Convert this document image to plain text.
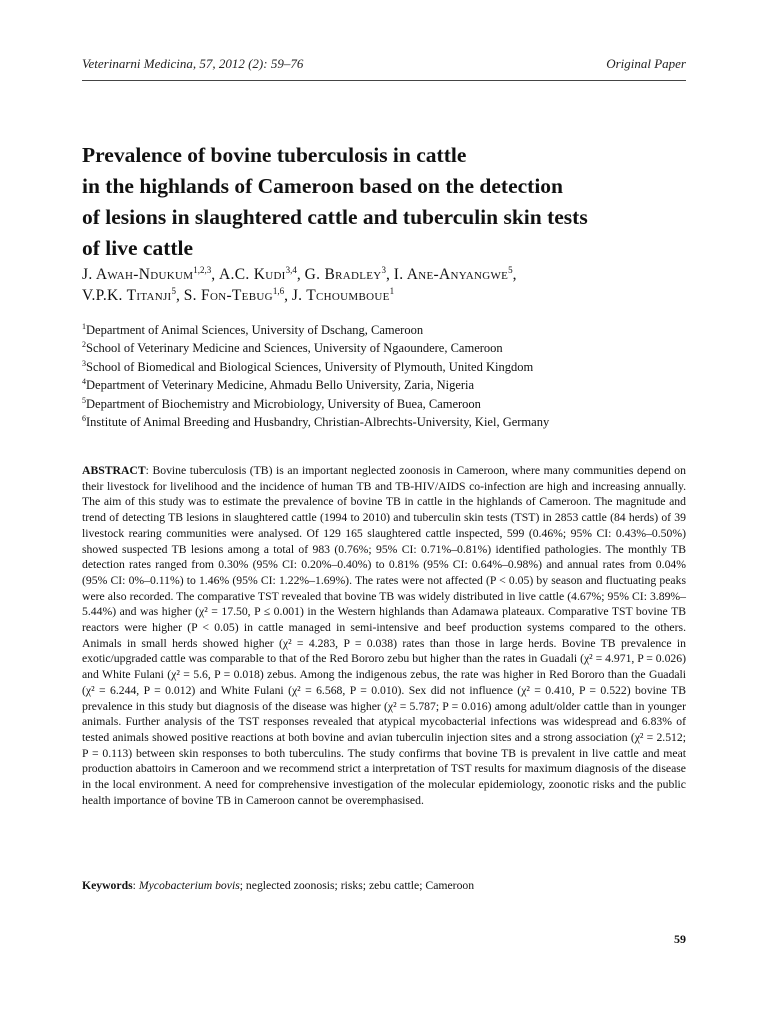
Veterinarni Medicina, 57, 2012 (2): 59–76	Original Paper
Prevalence of bovine tuberculosis in cattle
in the highlands of Cameroon based on the detection
of lesions in slaughtered cattle and tuberculin skin tests
of live cattle
J. Awah-Ndukum$^{1,2,3}$, A.C. Kudi$^{3,4}$, G. Bradley$^3$, I. Ane-Anyangwe$^5$,
V.P.K. Titanji$^5$, S. Fon-Tebug$^{1,6}$, J. Tchoumboue$^1$
$^1$Department of Animal Sciences, University of Dschang, Cameroon
$^2$School of Veterinary Medicine and Sciences, University of Ngaoundere, Cameroon
$^3$School of Biomedical and Biological Sciences, University of Plymouth, United Kingdom
$^4$Department of Veterinary Medicine, Ahmadu Bello University, Zaria, Nigeria
$^5$Department of Biochemistry and Microbiology, University of Buea, Cameroon
$^6$Institute of Animal Breeding and Husbandry, Christian-Albrechts-University, Kiel, Germany

ABSTRACT: Bovine tuberculosis (TB) is an important neglected zoonosis in Cameroon, where many communities depend on their livestock for livelihood and the incidence of human TB and TB-HIV/AIDS co-infection are high and increasing annually. The aim of this study was to estimate the prevalence of bovine TB in cattle in the highlands of Cameroon. The magnitude and trend of detecting TB lesions in slaughtered cattle (1994 to 2010) and tuberculin skin tests (TST) in 2853 cattle (84 herds) of 39 livestock rearing communities were analysed. Of 129 165 slaughtered cattle inspected, 599 (0.46%; 95% CI: 0.43%–0.50%) showed suspected TB lesions among a total of 983 (0.76%; 95% CI: 0.71%–0.81%) identified pathologies. The monthly TB detection rates ranged from 0.30% (95% CI: 0.20%–0.40%) to 0.81% (95% CI: 0.64%–0.98%) and annual rates from 0.04% (95% CI: 0%–0.11%) to 1.46% (95% CI: 1.22%–1.69%). The rates were not affected (P < 0.05) by season and fluctuating peaks were also recorded. The comparative TST revealed that bovine TB was widely distributed in live cattle (4.67%; 95% CI: 3.89%–5.44%) and was higher (χ² = 17.50, P ≤ 0.001) in the Western highlands than Adamawa plateaux. Comparative TST bovine TB reactors were higher (P < 0.05) in cattle managed in semi-intensive and beef production systems compared to the others. Animals in small herds showed higher (χ² = 4.283, P = 0.038) rates than those in large herds. Bovine TB prevalence in exotic/upgraded cattle was comparable to that of the Red Bororo zebu but higher than the rates in Guadali (χ² = 4.971, P = 0.026) and White Fulani (χ² = 5.6, P = 0.018) zebus. Among the indigenous zebus, the rate was higher in Red Bororo than the Guadali (χ² = 6.244, P = 0.012) and White Fulani (χ² = 6.568, P = 0.010). Sex did not influence (χ² = 0.410, P = 0.522) bovine TB prevalence in this study but diagnosis of the disease was higher (χ² = 5.787; P = 0.016) among adult/older cattle than in younger animals. Further analysis of the TST responses revealed that atypical mycobacterial infections was widespread and 6.83% of tested animals showed positive reactions at both bovine and avian tuberculin injection sites and a strong association (χ² = 2.512; P = 0.113) between skin responses to both tuberculins. The study confirms that bovine TB is prevalent in live cattle and meat production abattoirs in Cameroon and we recommend strict a interpretation of TST results for maximum diagnosis of the disease in the local environment. A need for comprehensive investigation of the molecular epidemiology, zoonotic risks and the public health importance of bovine TB in Cameroon cannot be overemphasised.

Keywords: Mycobacterium bovis; neglected zoonosis; risks; zebu cattle; Cameroon
59
